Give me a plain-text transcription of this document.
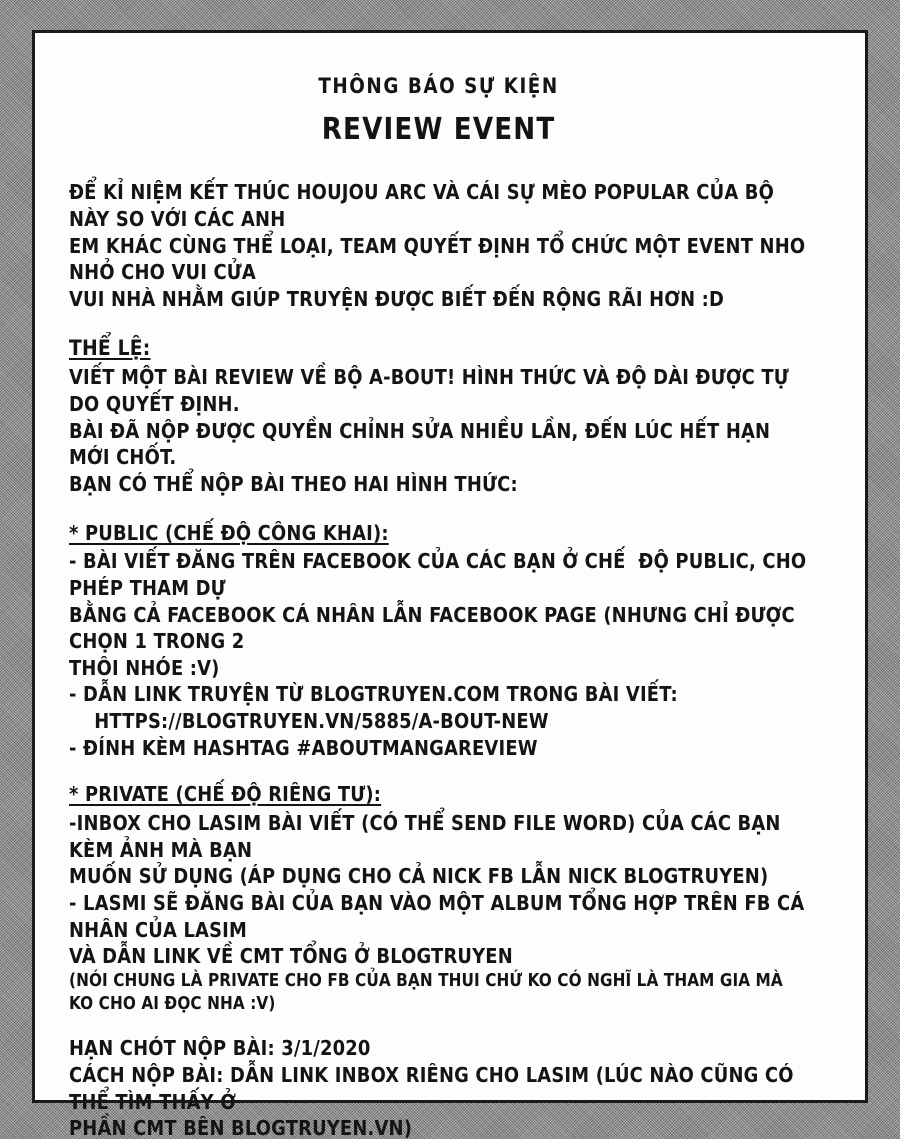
THÔNG BÁO SỰ KIỆN
REVIEW EVENT
ĐỂ KỈ NIỆM KẾT THÚC HOUJOU ARC VÀ CÁI SỰ MÈO POPULAR CỦA BỘ NÀY SO VỚI CÁC ANH
EM KHÁC CÙNG THỂ LOẠI, TEAM QUYẾT ĐỊNH TỔ CHỨC MỘT EVENT NHO NHỎ CHO VUI CỬA
VUI NHÀ NHẰM GIÚP TRUYỆN ĐƯỢC BIẾT ĐẾN RỘNG RÃI HƠN :D
THỂ LỆ:
VIẾT MỘT BÀI REVIEW VỀ BỘ A-BOUT! HÌNH THỨC VÀ ĐỘ DÀI ĐƯỢC TỰ DO QUYẾT ĐỊNH.
BÀI ĐÃ NỘP ĐƯỢC QUYỀN CHỈNH SỬA NHIỀU LẦN, ĐẾN LÚC HẾT HẠN MỚI CHỐT.
BẠN CÓ THỂ NỘP BÀI THEO HAI HÌNH THỨC:
* PUBLIC (CHẾ ĐỘ CÔNG KHAI):
- BÀI VIẾT ĐĂNG TRÊN FACEBOOK CỦA CÁC BẠN Ở CHẾ  ĐỘ PUBLIC, CHO PHÉP THAM DỰ
BẰNG CẢ FACEBOOK CÁ NHÂN LẪN FACEBOOK PAGE (NHƯNG CHỈ ĐƯỢC CHỌN 1 TRONG 2
THÔI NHÓE :V)
- DẪN LINK TRUYỆN TỪ BLOGTRUYEN.COM TRONG BÀI VIẾT:
HTTPS://BLOGTRUYEN.VN/5885/A-BOUT-NEW
- ĐÍNH KÈM HASHTAG #ABOUTMANGAREVIEW
* PRIVATE (CHẾ ĐỘ RIÊNG TƯ):
-INBOX CHO LASIM BÀI VIẾT (CÓ THỂ SEND FILE WORD) CỦA CÁC BẠN KÈM ẢNH MÀ BẠN
MUỐN SỬ DỤNG (ÁP DỤNG CHO CẢ NICK FB LẪN NICK BLOGTRUYEN)
- LASMI SẼ ĐĂNG BÀI CỦA BẠN VÀO MỘT ALBUM TỔNG HỢP TRÊN FB CÁ NHÂN CỦA LASIM
VÀ DẪN LINK VỀ CMT TỔNG Ở BLOGTRUYEN
(NÓI CHUNG LÀ PRIVATE CHO FB CỦA BẠN THUI CHỨ KO CÓ NGHĨ LÀ THAM GIA MÀ KO CHO AI ĐỌC NHA :V)
HẠN CHÓT NỘP BÀI: 3/1/2020
CÁCH NỘP BÀI: DẪN LINK INBOX RIÊNG CHO LASIM (LÚC NÀO CŨNG CÓ THỂ TÌM THẤY Ở
PHẦN CMT BÊN BLOGTRUYEN.VN)
